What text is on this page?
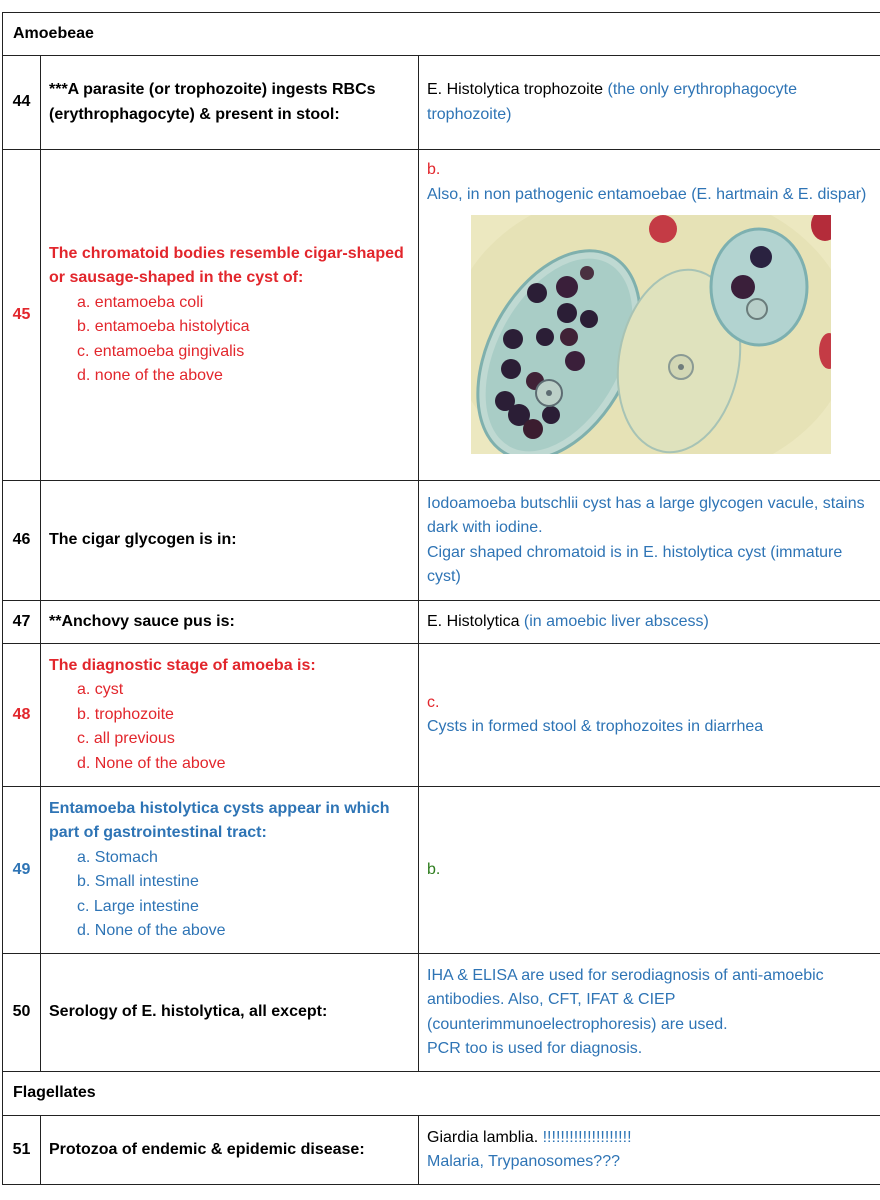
Amoebeae		
44	***A parasite (or trophozoite) ingests RBCs (erythrophagocyte) & present in stool:	E. Histolytica trophozoite (the only erythrophagocyte trophozoite)
45	The chromatoid bodies resemble cigar-shaped or sausage-shaped in the cyst of:
a. entamoeba coli
b. entamoeba histolytica
c. entamoeba gingivalis
d. none of the above	b.
Also, in non pathogenic entamoebae (E. hartmain & E. dispar)

46	The cigar glycogen is in:	Iodoamoeba butschlii cyst has a large glycogen vacule, stains dark with iodine.
Cigar shaped chromatoid is in E. histolytica cyst (immature cyst)

47	**Anchovy sauce pus is:	E. Histolytica (in amoebic liver abscess)
48	The diagnostic stage of amoeba is:
a. cyst
b. trophozoite
c. all previous
d. None of the above	c.
Cysts in formed stool & trophozoites in diarrhea

49	Entamoeba histolytica cysts appear in which part of gastrointestinal tract:
a. Stomach
b. Small intestine
c. Large intestine
d. None of the above	b.
50	Serology of E. histolytica, all except:	IHA & ELISA are used for serodiagnosis of anti-amoebic antibodies. Also, CFT, IFAT & CIEP (counterimmunoelectrophoresis) are used.
PCR too is used for diagnosis.

Flagellates		
51	Protozoa of endemic & epidemic disease:	Giardia lamblia. !!!!!!!!!!!!!!!!!!!!
Malaria, Trypanosomes???
